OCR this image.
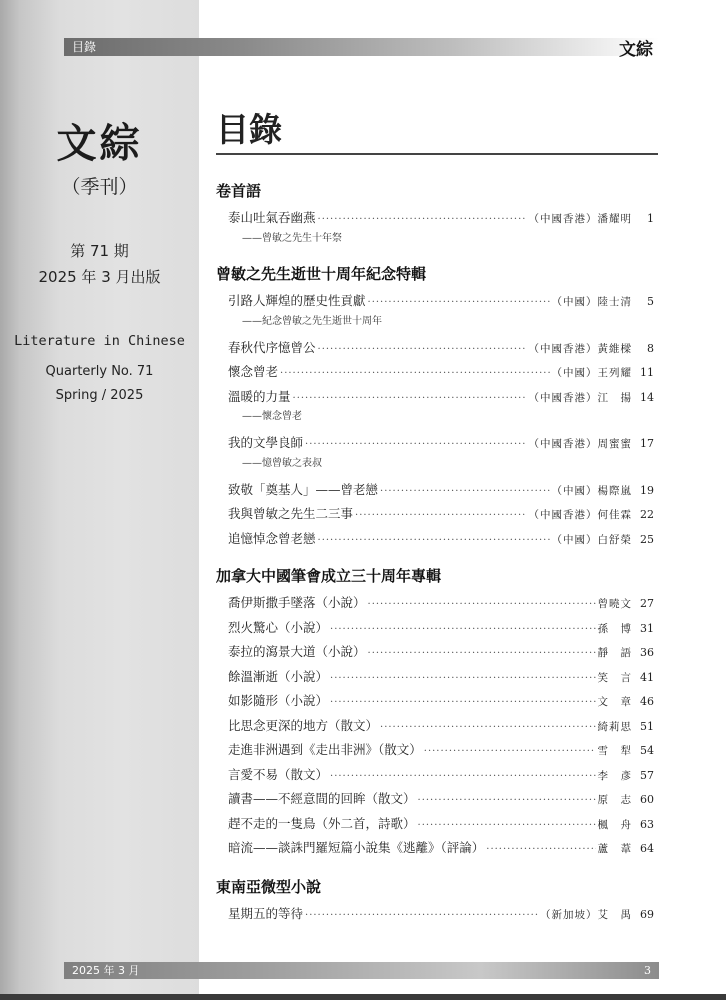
目錄	文綜
文綜
（季刊）
第 71 期
2025 年 3 月出版
Literature in Chinese
Quarterly No. 71
Spring / 2025
目錄
卷首語
泰山吐氣吞幽燕 ·····	（中國香港）潘耀明	1
——曾敏之先生十年祭
曾敏之先生逝世十周年紀念特輯
引路人輝煌的歷史性貢獻 ·····	（中國）陸士清	5
——紀念曾敏之先生逝世十周年
春秋代序憶曾公 ·····	（中國香港）黃維樑	8
懷念曾老 ·····	（中國）王列耀 11
溫暖的力量 ·····	（中國香港）江　揚 14
——懷念曾老
我的文學良師 ·····	（中國香港）周蜜蜜 17
——憶曾敏之表叔
致敬「奠基人」——曾老戀 ·····	（中國）楊際嵐 19
我與曾敏之先生二三事 ·····	（中國香港）何佳霖 22
追憶悼念曾老戀 ·····	（中國）白舒榮 25
加拿大中國筆會成立三十周年專輯
喬伊斯撒手墜落（小說） ·····	曾曉文 27
烈火驚心（小說） ·····	孫　博 31
泰拉的瀉景大道（小說） ·····	靜　語 36
餘溫漸逝（小說） ·····	笑　言 41
如影隨形（小說） ·····	文　章 46
比思念更深的地方（散文） ·····	綺莉思 51
走進非洲遇到《走出非洲》（散文） ·····	雪　犁 54
言愛不易（散文） ·····	李　彥 57
讀書——不經意間的回眸（散文） ·····	原　志 60
趕不走的一隻鳥（外二首，詩歌） ·····	楓　舟 63
暗流——談誅門羅短篇小說集《逃離》（評論） ·····	蘆　葦 64
東南亞微型小說
星期五的等待 ·····	（新加坡）艾　禺 69
2025 年 3 月	3
